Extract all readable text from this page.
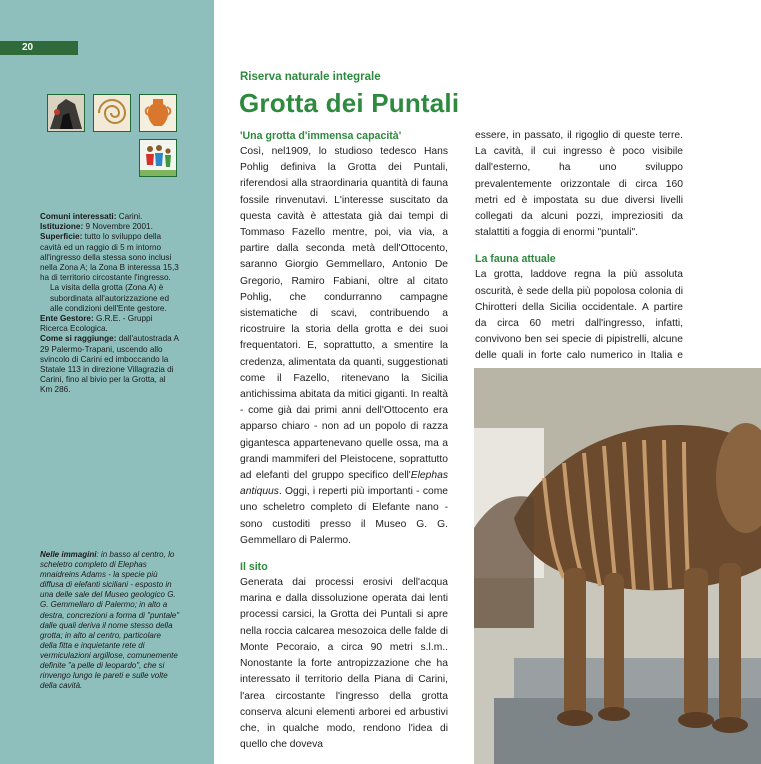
20
Comuni interessati: Carini.
Istituzione: 9 Novembre 2001.
Superficie: tutto lo sviluppo della cavità ed un raggio di 5 m intorno all'ingresso della stessa sono inclusi nella Zona A; la Zona B interessa 15,3 ha di territorio circostante l'ingresso.
La visita della grotta (Zona A) è subordinata all'autorizzazione ed alle condizioni dell'Ente gestore.
Ente Gestore: G.R.E. - Gruppi Ricerca Ecologica.
Come si raggiunge: dall'autostrada A 29 Palermo-Trapani, uscendo allo svincolo di Carini ed imboccando la Statale 113 in direzione Villagrazia di Carini, fino al bivio per la Grotta, al Km 286.
Nelle immagini: in basso al centro, lo scheletro completo di Elephas mnaidreins Adams - la specie più diffusa di elefanti siciliani - esposto in una delle sale del Museo geologico G. G. Gemmellaro di Palermo; in alto a destra, concrezioni a forma di "puntale" dalle quali deriva il nome stesso della grotta; in alto al centro, particolare della fitta e inquietante rete di vermiculazioni argillose, comunemente definite "a pelle di leopardo", che si rinvengo lungo le pareti e sulle volte della cavità.
Riserva naturale integrale
Grotta dei Puntali
'Una grotta d'immensa capacità'
Così, nel1909, lo studioso tedesco Hans Pohlig definiva la Grotta dei Puntali, riferendosi alla straordinaria quantità di fauna fossile rinvenutavi. L'interesse suscitato da questa cavità è attestata già dai tempi di Tommaso Fazello mentre, poi, via via, a partire dalla seconda metà dell'Ottocento, saranno Giorgio Gemmellaro, Antonio De Gregorio, Ramiro Fabiani, oltre al citato Pohlig, che condurranno campagne sistematiche di scavi, contribuendo a ricostruire la storia della grotta e dei suoi frequentatori. E, soprattutto, a smentire la credenza, alimentata da quanti, suggestionati come il Fazello, ritenevano la Sicilia antichissima abitata da mitici giganti. In realtà - come già dai primi anni dell'Ottocento era apparso chiaro - non ad un popolo di razza gigantesca appartenevano quelle ossa, ma a grandi mammiferi del Pleistocene, soprattutto ad elefanti del gruppo specifico dell'Elephas antiquus. Oggi, i reperti più importanti - come uno scheletro completo di Elefante nano - sono custoditi presso il Museo G. G. Gemmellaro di Palermo.
Il sito
Generata dai processi erosivi dell'acqua marina e dalla dissoluzione operata dai lenti processi carsici, la Grotta dei Puntali si apre nella roccia calcarea mesozoica delle falde di Monte Pecoraio, a circa 90 metri s.l.m.. Nonostante la forte antropizzazione che ha interessato il territorio della Piana di Carini, l'area circostante l'ingresso della grotta conserva alcuni elementi arborei ed arbustivi che, in qualche modo, rendono l'idea di quello che doveva
essere, in passato, il rigoglio di queste terre. La cavità, il cui ingresso è poco visibile dall'esterno, ha uno sviluppo prevalentemente orizzontale di circa 160 metri ed è impostata su due diversi livelli collegati da alcuni pozzi, impreziositi da stalattiti a foggia di enormi "puntali".
La fauna attuale
La grotta, laddove regna la più assoluta oscurità, è sede della più popolosa colonia di Chirotteri della Sicilia occidentale. A partire da circa 60 metri dall'ingresso, infatti, convivono ben sei specie di pipistrelli, alcune delle quali in forte calo numerico in Italia e
